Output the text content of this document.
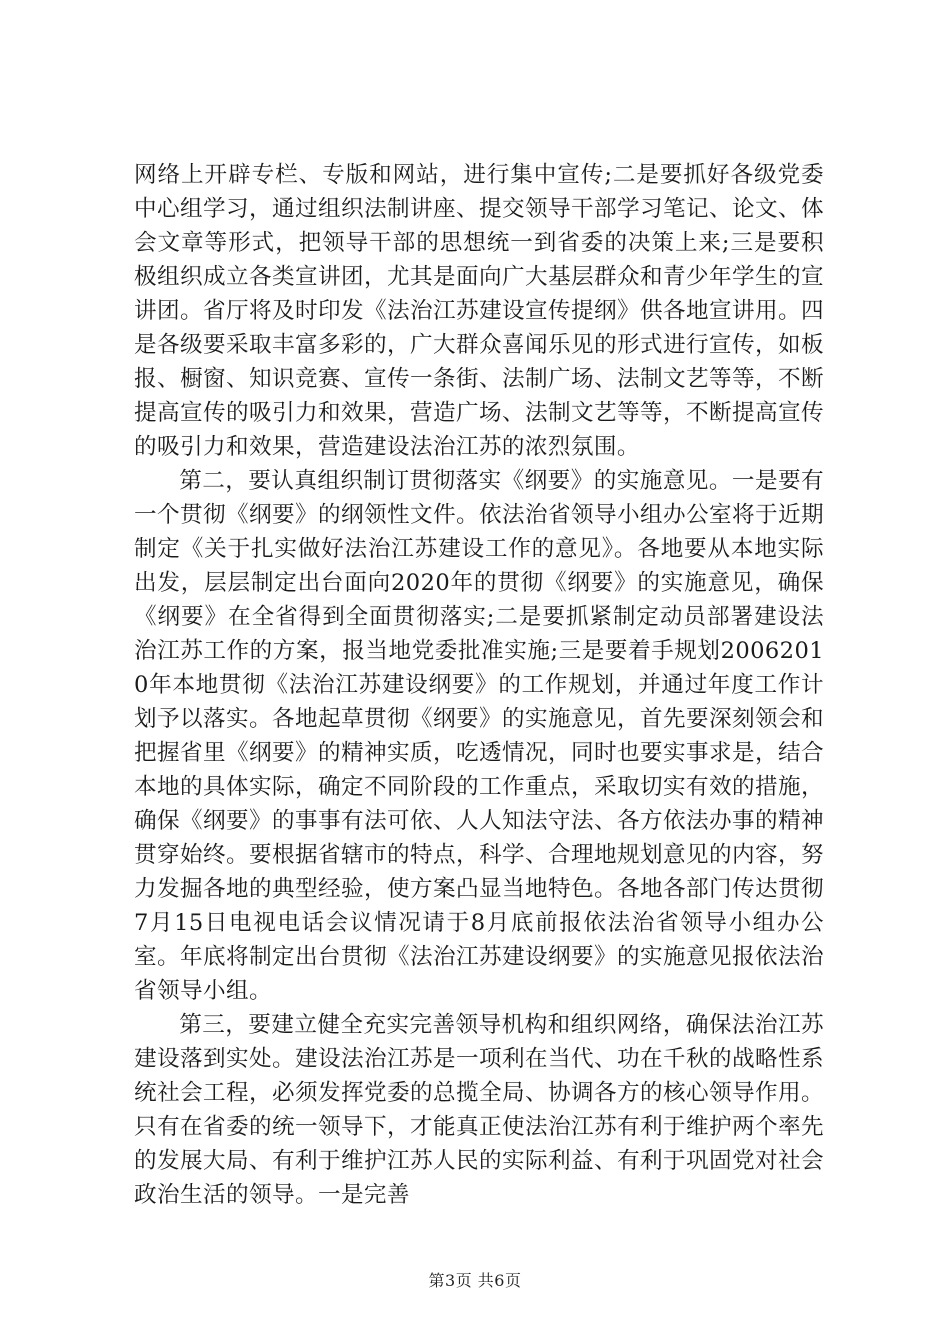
网络上开辟专栏、专版和网站，进行集中宣传;二是要抓好各级党委中心组学习，通过组织法制讲座、提交领导干部学习笔记、论文、体会文章等形式，把领导干部的思想统一到省委的决策上来;三是要积极组织成立各类宣讲团，尤其是面向广大基层群众和青少年学生的宣讲团。省厅将及时印发《法治江苏建设宣传提纲》供各地宣讲用。四是各级要采取丰富多彩的，广大群众喜闻乐见的形式进行宣传，如板报、橱窗、知识竞赛、宣传一条街、法制广场、法制文艺等等，不断提高宣传的吸引力和效果，营造广场、法制文艺等等，不断提高宣传的吸引力和效果，营造建设法治江苏的浓烈氛围。

第二，要认真组织制订贯彻落实《纲要》的实施意见。一是要有一个贯彻《纲要》的纲领性文件。依法治省领导小组办公室将于近期制定《关于扎实做好法治江苏建设工作的意见》。各地要从本地实际出发，层层制定出台面向2020年的贯彻《纲要》的实施意见，确保《纲要》在全省得到全面贯彻落实;二是要抓紧制定动员部署建设法治江苏工作的方案，报当地党委批准实施;三是要着手规划20062010年本地贯彻《法治江苏建设纲要》的工作规划，并通过年度工作计划予以落实。各地起草贯彻《纲要》的实施意见，首先要深刻领会和把握省里《纲要》的精神实质，吃透情况，同时也要实事求是，结合本地的具体实际，确定不同阶段的工作重点，采取切实有效的措施，确保《纲要》的事事有法可依、人人知法守法、各方依法办事的精神贯穿始终。要根据省辖市的特点，科学、合理地规划意见的内容，努力发掘各地的典型经验，使方案凸显当地特色。各地各部门传达贯彻7月15日电视电话会议情况请于8月底前报依法治省领导小组办公室。年底将制定出台贯彻《法治江苏建设纲要》的实施意见报依法治省领导小组。

第三，要建立健全充实完善领导机构和组织网络，确保法治江苏建设落到实处。建设法治江苏是一项利在当代、功在千秋的战略性系统社会工程，必须发挥党委的总揽全局、协调各方的核心领导作用。只有在省委的统一领导下，才能真正使法治江苏有利于维护两个率先的发展大局、有利于维护江苏人民的实际利益、有利于巩固党对社会政治生活的领导。一是完善

第3页 共6页
